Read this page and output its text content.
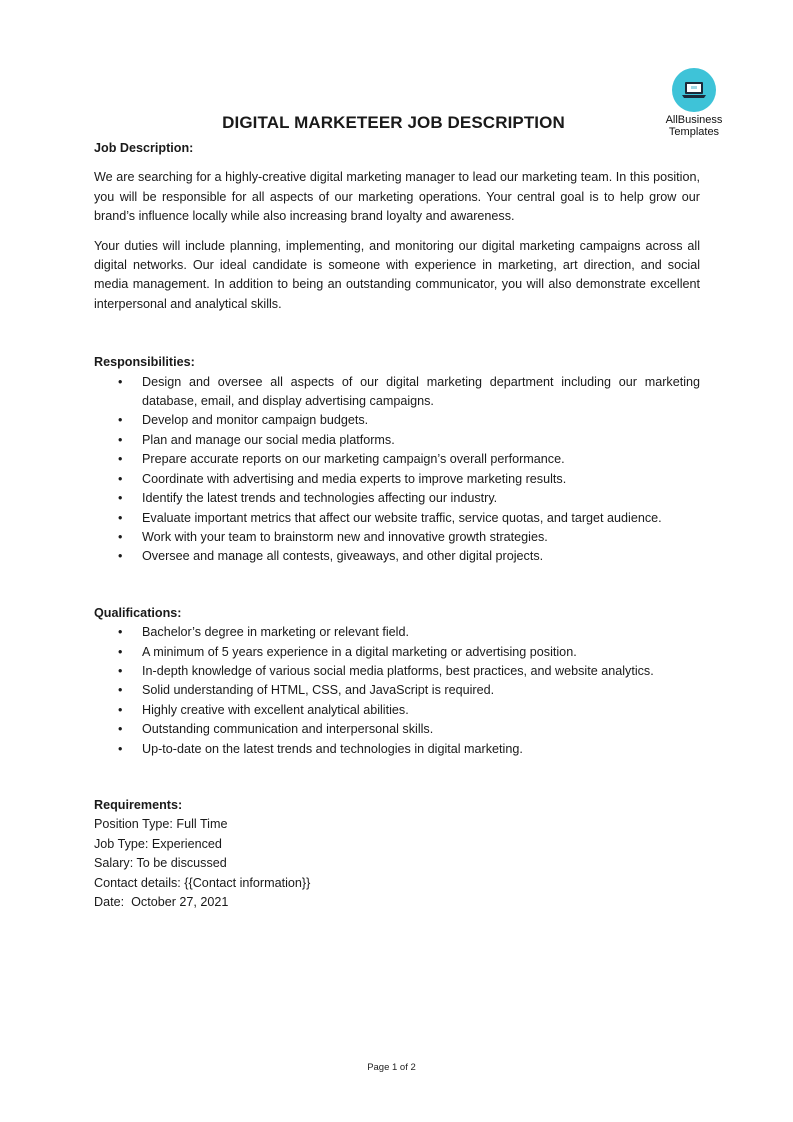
AllBusiness
Templates
DIGITAL MARKETEER JOB DESCRIPTION

Job Description:

We are searching for a highly-creative digital marketing manager to lead our marketing team. In this position, you will be responsible for all aspects of our marketing operations. Your central goal is to help grow our brand’s influence locally while also increasing brand loyalty and awareness.

Your duties will include planning, implementing, and monitoring our digital marketing campaigns across all digital networks. Our ideal candidate is someone with experience in marketing, art direction, and social media management. In addition to being an outstanding communicator, you will also demonstrate excellent interpersonal and analytical skills.

Responsibilities:

• Design and oversee all aspects of our digital marketing department including our marketing database, email, and display advertising campaigns.
• Develop and monitor campaign budgets.
• Plan and manage our social media platforms.
• Prepare accurate reports on our marketing campaign’s overall performance.
• Coordinate with advertising and media experts to improve marketing results.
• Identify the latest trends and technologies affecting our industry.
• Evaluate important metrics that affect our website traffic, service quotas, and target audience.
• Work with your team to brainstorm new and innovative growth strategies.
• Oversee and manage all contests, giveaways, and other digital projects.

Qualifications:

• Bachelor’s degree in marketing or relevant field.
• A minimum of 5 years experience in a digital marketing or advertising position.
• In-depth knowledge of various social media platforms, best practices, and website analytics.
• Solid understanding of HTML, CSS, and JavaScript is required.
• Highly creative with excellent analytical abilities.
• Outstanding communication and interpersonal skills.
• Up-to-date on the latest trends and technologies in digital marketing.

Requirements:

Position Type: Full Time

Job Type: Experienced

Salary: To be discussed

Contact details: {{Contact information}}

Date:  October 27, 2021

Page 1 of 2
